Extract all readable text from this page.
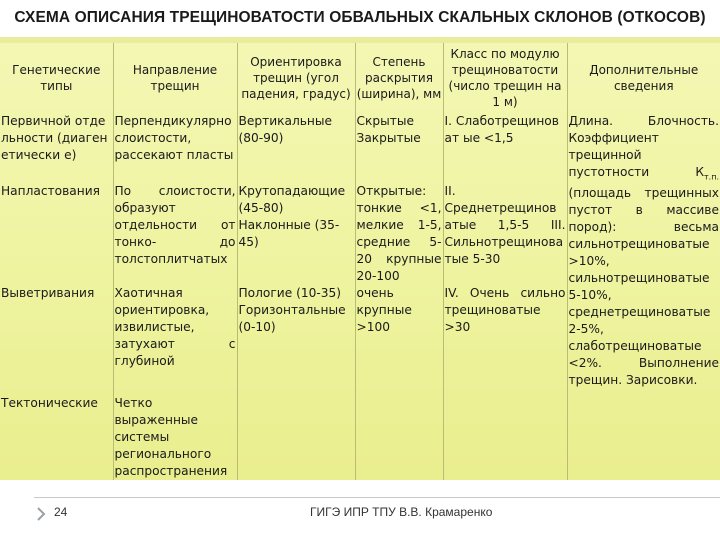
СХЕМА ОПИСАНИЯ ТРЕЩИНОВАТОСТИ ОБВАЛЬНЫХ СКАЛЬНЫХ СКЛОНОВ (ОТКОСОВ)
Генетические типы	Направление трещин	Ориентировка трещин (угол падения, градус)	Степень раскрытия (ширина), мм	Класс по модулю трещиноватости (число трещин на 1 м)	Дополнительные сведения
Первичной отдельности (диагенетически е)	Перпендикулярно слоистости, рассекают пласты	Вертикальные (80-90)	Скрытые Закрытые	I. Слаботрещиноват ые <1,5	Длина. Блочность. Коэффициент трещинной пустотности $К_{т.п.}$ (площадь трещинных пустот в массиве пород): весьма сильнотрещиноватые >10%, сильнотрещиноватые 5-10%, среднетрещиноватые 2-5%, слаботрещиноватые <2%. Выполнение трещин. Зарисовки.
Напластования	По слоистости, образуют отдельности от тонко- до толстоплитчатых	Крутопадающие (45-80) Наклонные (35-45)	Открытые: тонкие <1, мелкие 1-5, средние 5-20 крупные 20-100	II. Среднетрещинов атые 1,5-5 III. Сильнотрещинова тые 5-30	
Выветривания	Хаотичная ориентировка, извилистые, затухают с глубиной	Пологие (10-35) Горизонтальные (0-10)	очень крупные >100	IV. Очень сильно трещиноватые >30	
Тектонические	Четко выраженные системы регионального распространения				
24	ГИГЭ ИПР ТПУ В.В. Крамаренко
